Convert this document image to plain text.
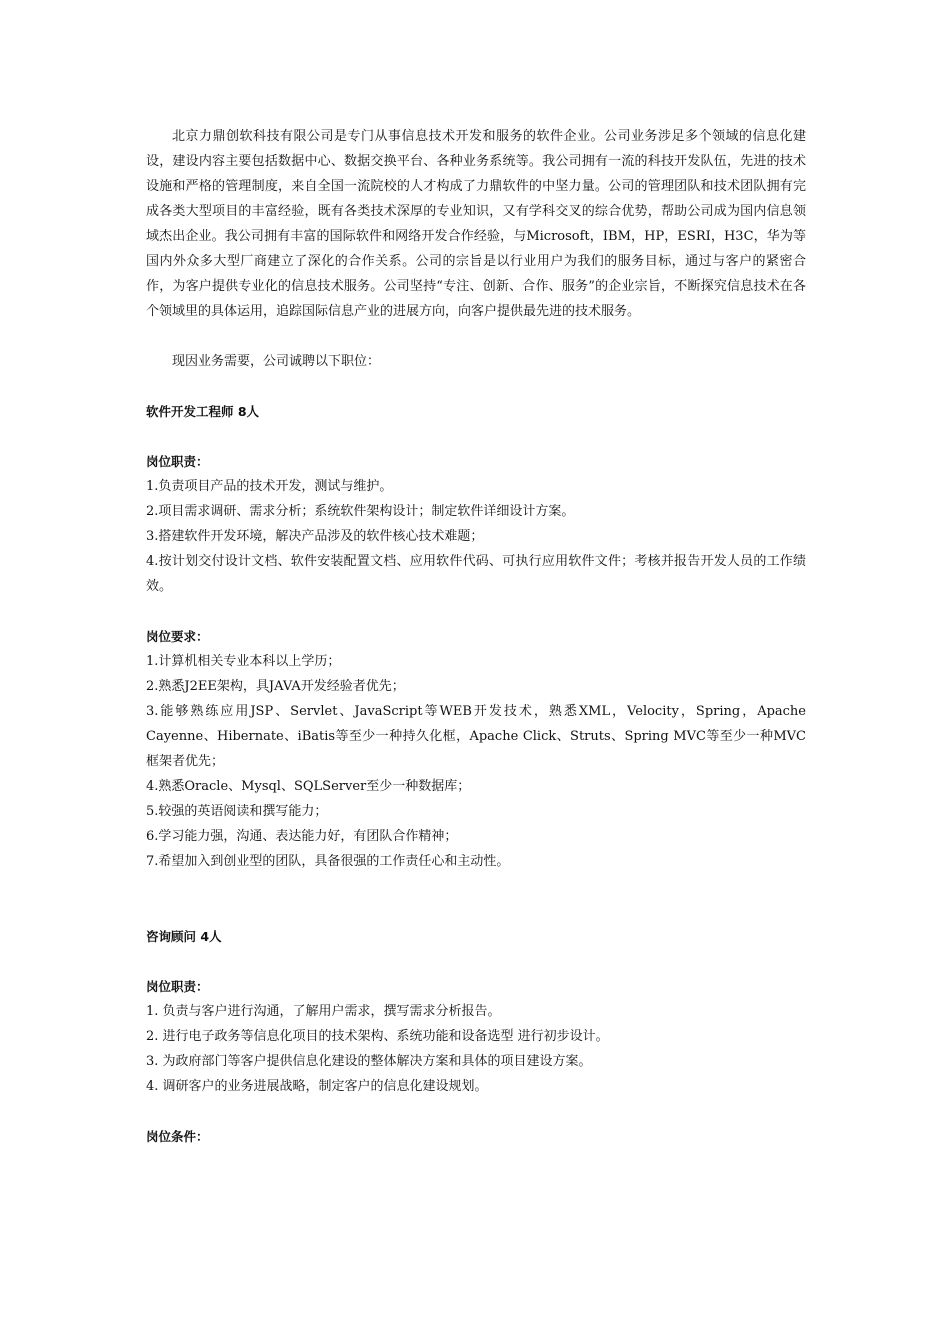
北京力鼎创软科技有限公司是专门从事信息技术开发和服务的软件企业。公司业务涉足多个领域的信息化建设，建设内容主要包括数据中心、数据交换平台、各种业务系统等。我公司拥有一流的科技开发队伍，先进的技术设施和严格的管理制度，来自全国一流院校的人才构成了力鼎软件的中坚力量。公司的管理团队和技术团队拥有完成各类大型项目的丰富经验，既有各类技术深厚的专业知识，又有学科交叉的综合优势，帮助公司成为国内信息领域杰出企业。我公司拥有丰富的国际软件和网络开发合作经验，与Microsoft，IBM，HP，ESRI，H3C，华为等国内外众多大型厂商建立了深化的合作关系。公司的宗旨是以行业用户为我们的服务目标，通过与客户的紧密合作，为客户提供专业化的信息技术服务。公司坚持“专注、创新、合作、服务”的企业宗旨，不断探究信息技术在各个领域里的具体运用，追踪国际信息产业的进展方向，向客户提供最先进的技术服务。

现因业务需要，公司诚聘以下职位：

软件开发工程师 8人

岗位职责：

1.负责项目产品的技术开发，测试与维护。
2.项目需求调研、需求分析；系统软件架构设计；制定软件详细设计方案。
3.搭建软件开发环境，解决产品涉及的软件核心技术难题；
4.按计划交付设计文档、软件安装配置文档、应用软件代码、可执行应用软件文件；考核并报告开发人员的工作绩效。

岗位要求：

1.计算机相关专业本科以上学历；
2.熟悉J2EE架构，具JAVA开发经验者优先；
3.能够熟练应用JSP、Servlet、JavaScript等WEB开发技术，熟悉XML，Velocity，Spring，Apache Cayenne、Hibernate、iBatis等至少一种持久化框，Apache Click、Struts、Spring MVC等至少一种MVC框架者优先；
4.熟悉Oracle、Mysql、SQLServer至少一种数据库；
5.较强的英语阅读和撰写能力；
6.学习能力强，沟通、表达能力好，有团队合作精神；
7.希望加入到创业型的团队，具备很强的工作责任心和主动性。

咨询顾问 4人

岗位职责：

1. 负责与客户进行沟通，了解用户需求，撰写需求分析报告。
2. 进行电子政务等信息化项目的技术架构、系统功能和设备选型 进行初步设计。
3. 为政府部门等客户提供信息化建设的整体解决方案和具体的项目建设方案。
4. 调研客户的业务进展战略，制定客户的信息化建设规划。

岗位条件：
